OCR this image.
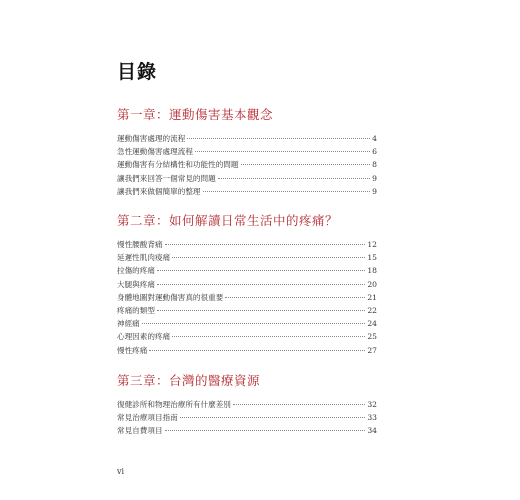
目錄
第一章：運動傷害基本觀念
運動傷害處理的流程	4
急性運動傷害處理流程	6
運動傷害有分結構性和功能性的問題	8
讓我們來回答一個常見的問題	9
讓我們來做個簡單的整理	9
第二章：如何解讀日常生活中的疼痛？
慢性腰酸背痛	12
延遲性肌肉痠痛	15
拉傷的疼痛	18
大腿與疼痛	20
身體地圖對運動傷害真的很重要	21
疼痛的類型	22
神經痛	24
心理因素的疼痛	25
慢性疼痛	27
第三章：台灣的醫療資源
復健診所和物理治療所有什麼差別	32
常見治療項目指南	33
常見自費項目	34
vi
